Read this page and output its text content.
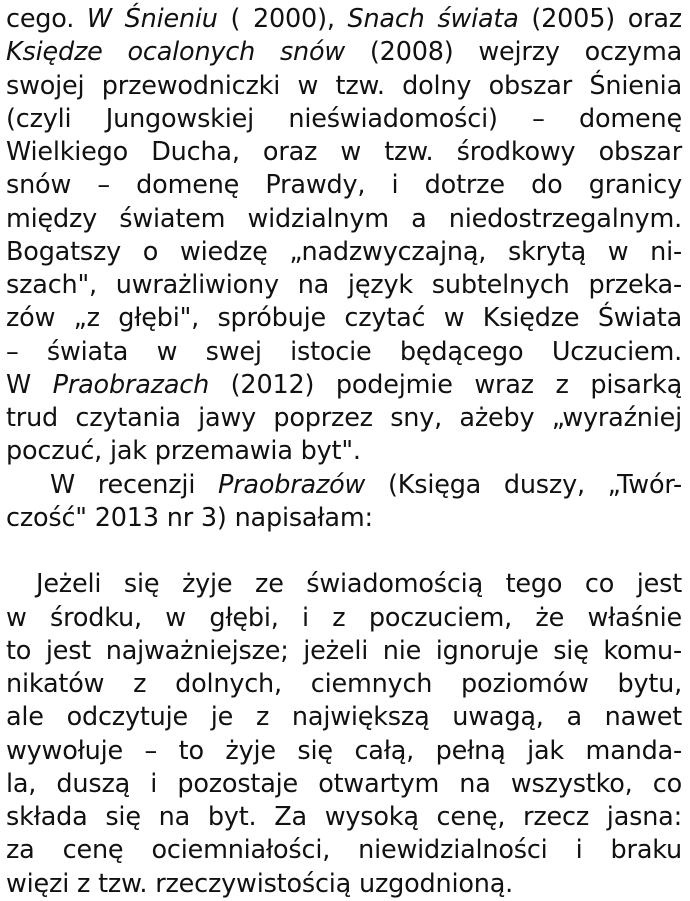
cego. W Śnieniu ( 2000), Snach świata (2005) oraz
Księdze ocalonych snów (2008) wejrzy oczyma
swojej przewodniczki w tzw. dolny obszar Śnienia
(czyli Jungowskiej nieświadomości) – domenę
Wielkiego Ducha, oraz w tzw. środkowy obszar
snów – domenę Prawdy, i dotrze do granicy
między światem widzialnym a niedostrzegalnym.
Bogatszy o wiedzę „nadzwyczajną, skrytą w ni-
szach", uwrażliwiony na język subtelnych przeka-
zów „z głębi", spróbuje czytać w Księdze Świata
– świata w swej istocie będącego Uczuciem.
W Praobrazach (2012) podejmie wraz z pisarką
trud czytania jawy poprzez sny, ażeby „wyraźniej
poczuć, jak przemawia byt".
W recenzji Praobrazów (Księga duszy, „Twór-
czość" 2013 nr 3) napisałam:
Jeżeli się żyje ze świadomością tego co jest
w środku, w głębi, i z poczuciem, że właśnie
to jest najważniejsze; jeżeli nie ignoruje się komu-
nikatów z dolnych, ciemnych poziomów bytu,
ale odczytuje je z największą uwagą, a nawet
wywołuje – to żyje się całą, pełną jak manda-
la, duszą i pozostaje otwartym na wszystko, co
składa się na byt. Za wysoką cenę, rzecz jasna:
za cenę ociemniałości, niewidzialności i braku
więzi z tzw. rzeczywistością uzgodnioną.
